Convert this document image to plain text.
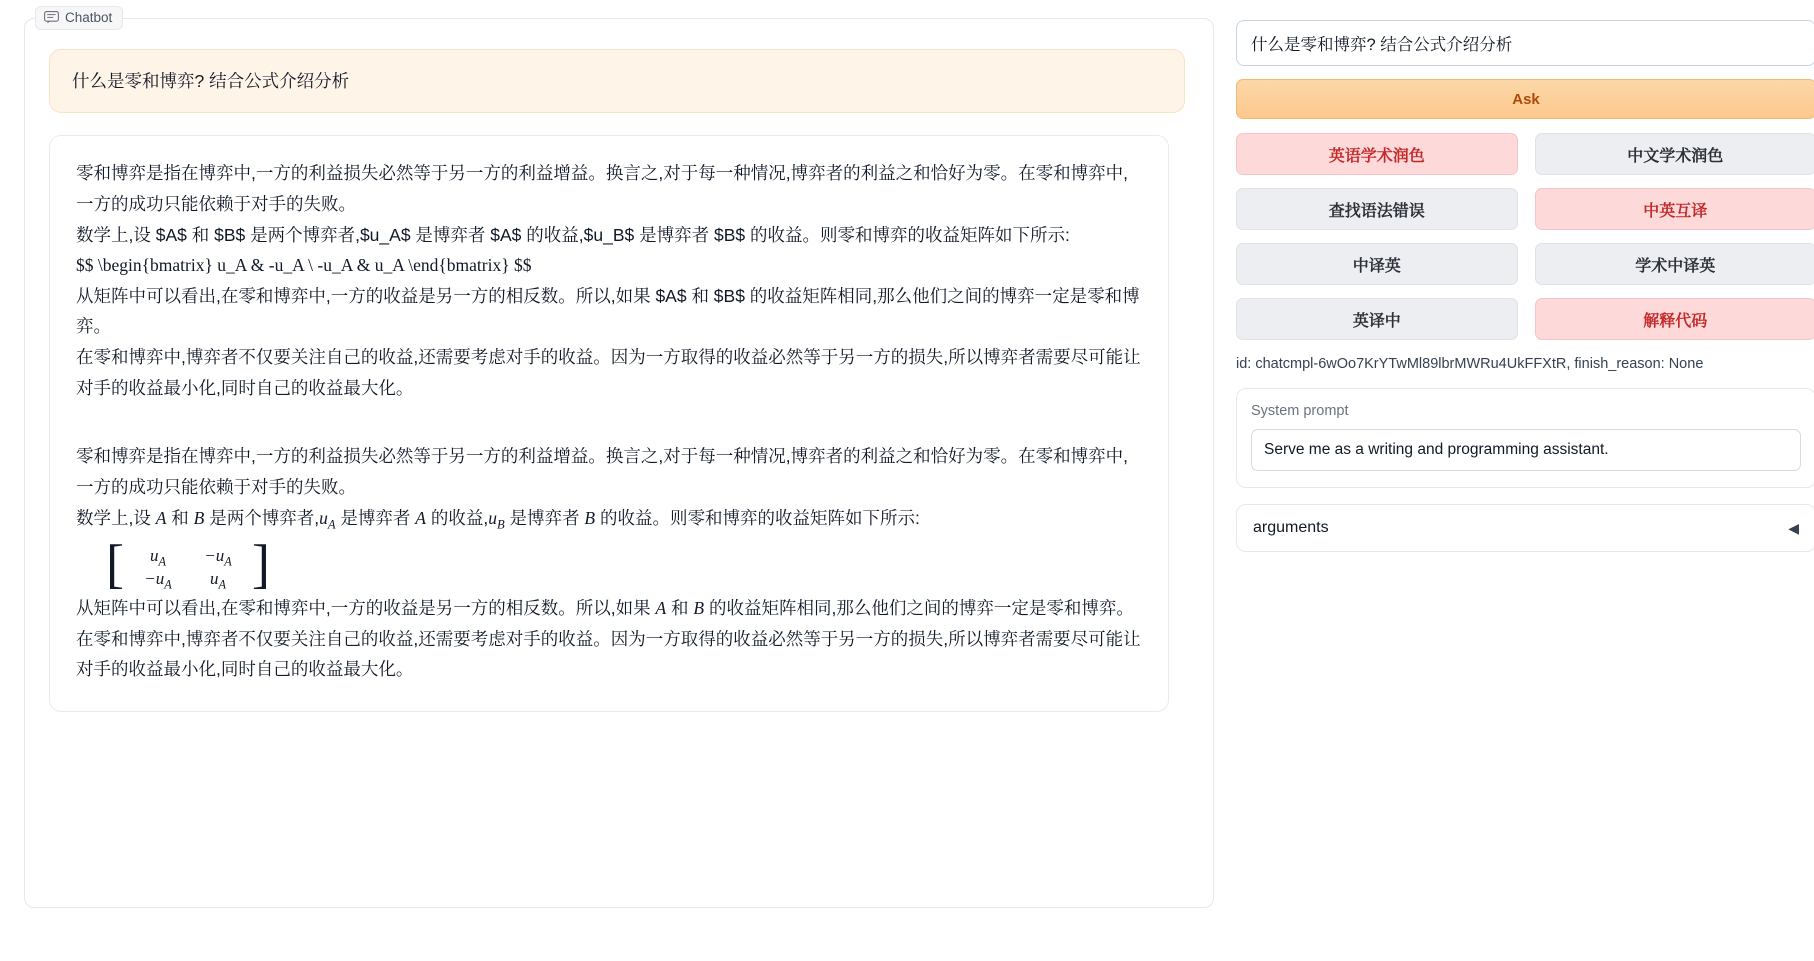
Chatbot
什么是零和博弈? 结合公式介绍分析

零和博弈是指在博弈中,一方的利益损失必然等于另一方的利益增益。换言之,对于每一种情况,博弈者的利益之和恰好为零。在零和博弈中,一方的成功只能依赖于对手的失败。

数学上,设 $A$ 和 $B$ 是两个博弈者,$u_A$ 是博弈者 $A$ 的收益,$u_B$ 是博弈者 $B$ 的收益。则零和博弈的收益矩阵如下所示:

$$ \begin{bmatrix} u_A & -u_A \ -u_A & u_A \end{bmatrix} $$

从矩阵中可以看出,在零和博弈中,一方的收益是另一方的相反数。所以,如果 $A$ 和 $B$ 的收益矩阵相同,那么他们之间的博弈一定是零和博弈。

在零和博弈中,博弈者不仅要关注自己的收益,还需要考虑对手的收益。因为一方取得的收益必然等于另一方的损失,所以博弈者需要尽可能让对手的收益最小化,同时自己的收益最大化。

零和博弈是指在博弈中,一方的利益损失必然等于另一方的利益增益。换言之,对于每一种情况,博弈者的利益之和恰好为零。在零和博弈中,一方的成功只能依赖于对手的失败。

数学上,设 A 和 B 是两个博弈者$,u_A$ 是博弈者 A 的收益$,u_B$ 是博弈者 B 的收益。则零和博弈的收益矩阵如下所示:

[	$u_A$	$-u_A$
$-u_A$	$u_A$ ]

从矩阵中可以看出,在零和博弈中,一方的收益是另一方的相反数。所以,如果 A 和 B 的收益矩阵相同,那么他们之间的博弈一定是零和博弈。

在零和博弈中,博弈者不仅要关注自己的收益,还需要考虑对手的收益。因为一方取得的收益必然等于另一方的损失,所以博弈者需要尽可能让对手的收益最小化,同时自己的收益最大化。

什么是零和博弈? 结合公式介绍分析 Ask
英语学术润色	中文学术润色
查找语法错误	中英互译
中译英	学术中译英
英译中	解释代码
id: chatcmpl-6wOo7KrYTwMl89lbrMWRu4UkFFXtR, finish_reason: None
System prompt
Serve me as a writing and programming assistant.
arguments	◀
